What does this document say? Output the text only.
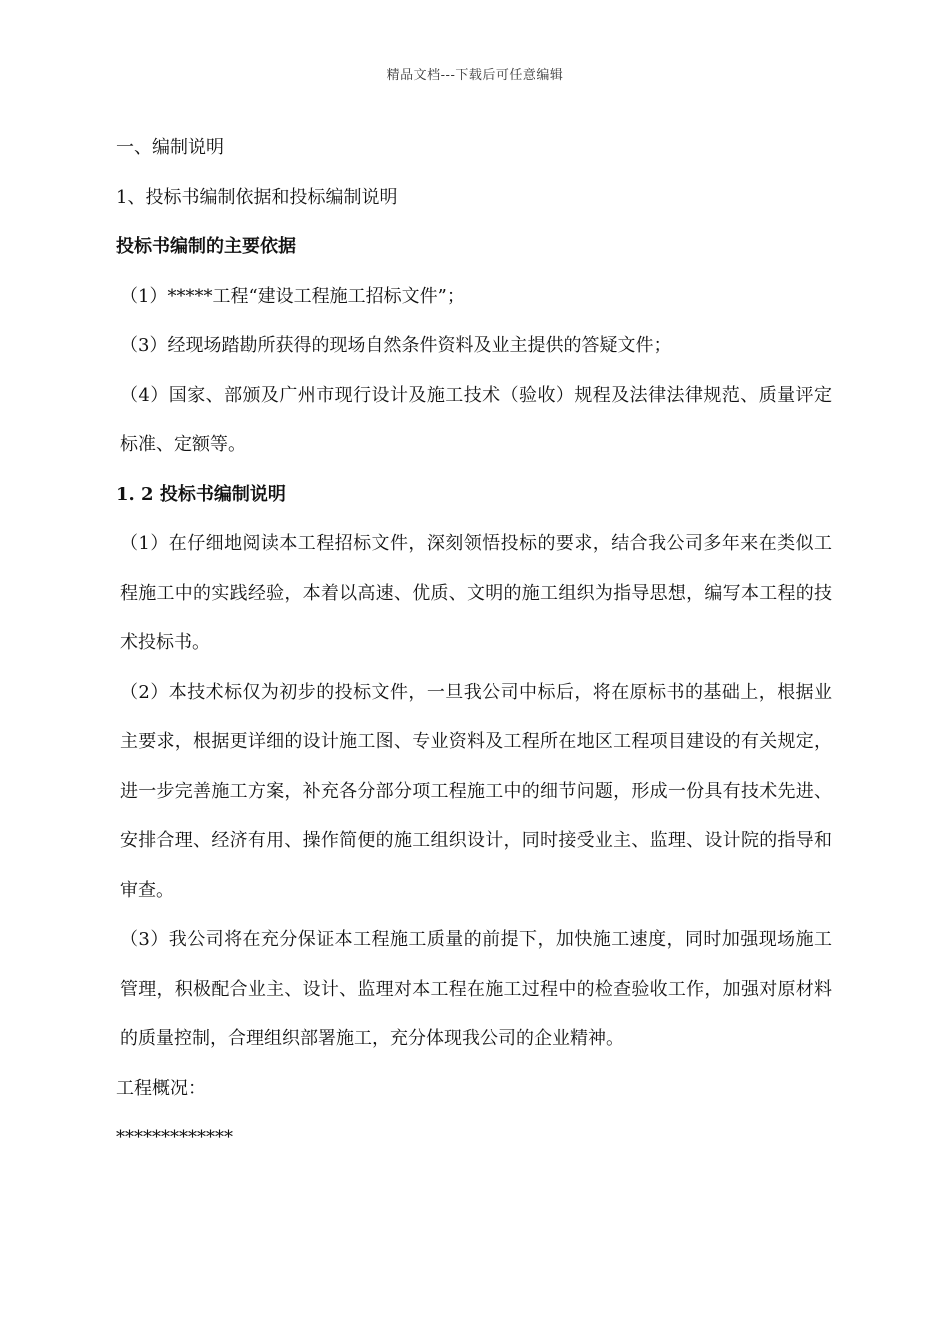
精品文档---下载后可任意编辑

一、编制说明

1、投标书编制依据和投标编制说明

投标书编制的主要依据

（1）*****工程“建设工程施工招标文件”；

（3）经现场踏勘所获得的现场自然条件资料及业主提供的答疑文件；

（4）国家、部颁及广州市现行设计及施工技术（验收）规程及法律法律规范、质量评定标准、定额等。

1. 2 投标书编制说明

（1）在仔细地阅读本工程招标文件，深刻领悟投标的要求，结合我公司多年来在类似工程施工中的实践经验，本着以高速、优质、文明的施工组织为指导思想，编写本工程的技术投标书。

（2）本技术标仅为初步的投标文件，一旦我公司中标后，将在原标书的基础上，根据业主要求，根据更详细的设计施工图、专业资料及工程所在地区工程项目建设的有关规定，进一步完善施工方案，补充各分部分项工程施工中的细节问题，形成一份具有技术先进、安排合理、经济有用、操作简便的施工组织设计，同时接受业主、监理、设计院的指导和审查。

（3）我公司将在充分保证本工程施工质量的前提下，加快施工速度，同时加强现场施工管理，积极配合业主、设计、监理对本工程在施工过程中的检查验收工作，加强对原材料的质量控制，合理组织部署施工，充分体现我公司的企业精神。

工程概况：

*************
